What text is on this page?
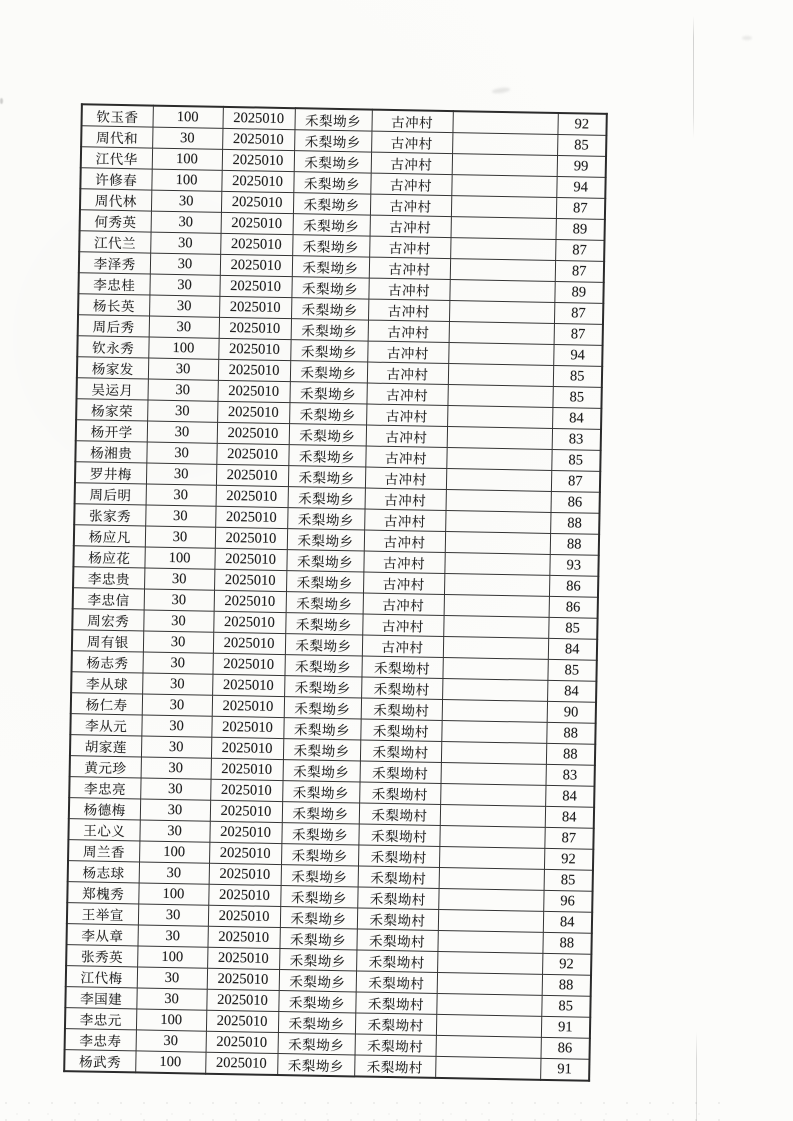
钦玉香	100	2025010	禾梨坳乡	古冲村		92
周代和	30	2025010	禾梨坳乡	古冲村		85
江代华	100	2025010	禾梨坳乡	古冲村		99
许修春	100	2025010	禾梨坳乡	古冲村		94
周代林	30	2025010	禾梨坳乡	古冲村		87
何秀英	30	2025010	禾梨坳乡	古冲村		89
江代兰	30	2025010	禾梨坳乡	古冲村		87
李泽秀	30	2025010	禾梨坳乡	古冲村		87
李忠桂	30	2025010	禾梨坳乡	古冲村		89
杨长英	30	2025010	禾梨坳乡	古冲村		87
周后秀	30	2025010	禾梨坳乡	古冲村		87
钦永秀	100	2025010	禾梨坳乡	古冲村		94
杨家发	30	2025010	禾梨坳乡	古冲村		85
吴运月	30	2025010	禾梨坳乡	古冲村		85
杨家荣	30	2025010	禾梨坳乡	古冲村		84
杨开学	30	2025010	禾梨坳乡	古冲村		83
杨湘贵	30	2025010	禾梨坳乡	古冲村		85
罗井梅	30	2025010	禾梨坳乡	古冲村		87
周后明	30	2025010	禾梨坳乡	古冲村		86
张家秀	30	2025010	禾梨坳乡	古冲村		88
杨应凡	30	2025010	禾梨坳乡	古冲村		88
杨应花	100	2025010	禾梨坳乡	古冲村		93
李忠贵	30	2025010	禾梨坳乡	古冲村		86
李忠信	30	2025010	禾梨坳乡	古冲村		86
周宏秀	30	2025010	禾梨坳乡	古冲村		85
周有银	30	2025010	禾梨坳乡	古冲村		84
杨志秀	30	2025010	禾梨坳乡	禾梨坳村		85
李从球	30	2025010	禾梨坳乡	禾梨坳村		84
杨仁寿	30	2025010	禾梨坳乡	禾梨坳村		90
李从元	30	2025010	禾梨坳乡	禾梨坳村		88
胡家莲	30	2025010	禾梨坳乡	禾梨坳村		88
黄元珍	30	2025010	禾梨坳乡	禾梨坳村		83
李忠亮	30	2025010	禾梨坳乡	禾梨坳村		84
杨德梅	30	2025010	禾梨坳乡	禾梨坳村		84
王心义	30	2025010	禾梨坳乡	禾梨坳村		87
周兰香	100	2025010	禾梨坳乡	禾梨坳村		92
杨志球	30	2025010	禾梨坳乡	禾梨坳村		85
郑槐秀	100	2025010	禾梨坳乡	禾梨坳村		96
王举宣	30	2025010	禾梨坳乡	禾梨坳村		84
李从章	30	2025010	禾梨坳乡	禾梨坳村		88
张秀英	100	2025010	禾梨坳乡	禾梨坳村		92
江代梅	30	2025010	禾梨坳乡	禾梨坳村		88
李国建	30	2025010	禾梨坳乡	禾梨坳村		85
李忠元	100	2025010	禾梨坳乡	禾梨坳村		91
李忠寿	30	2025010	禾梨坳乡	禾梨坳村		86
杨武秀	100	2025010	禾梨坳乡	禾梨坳村		91
